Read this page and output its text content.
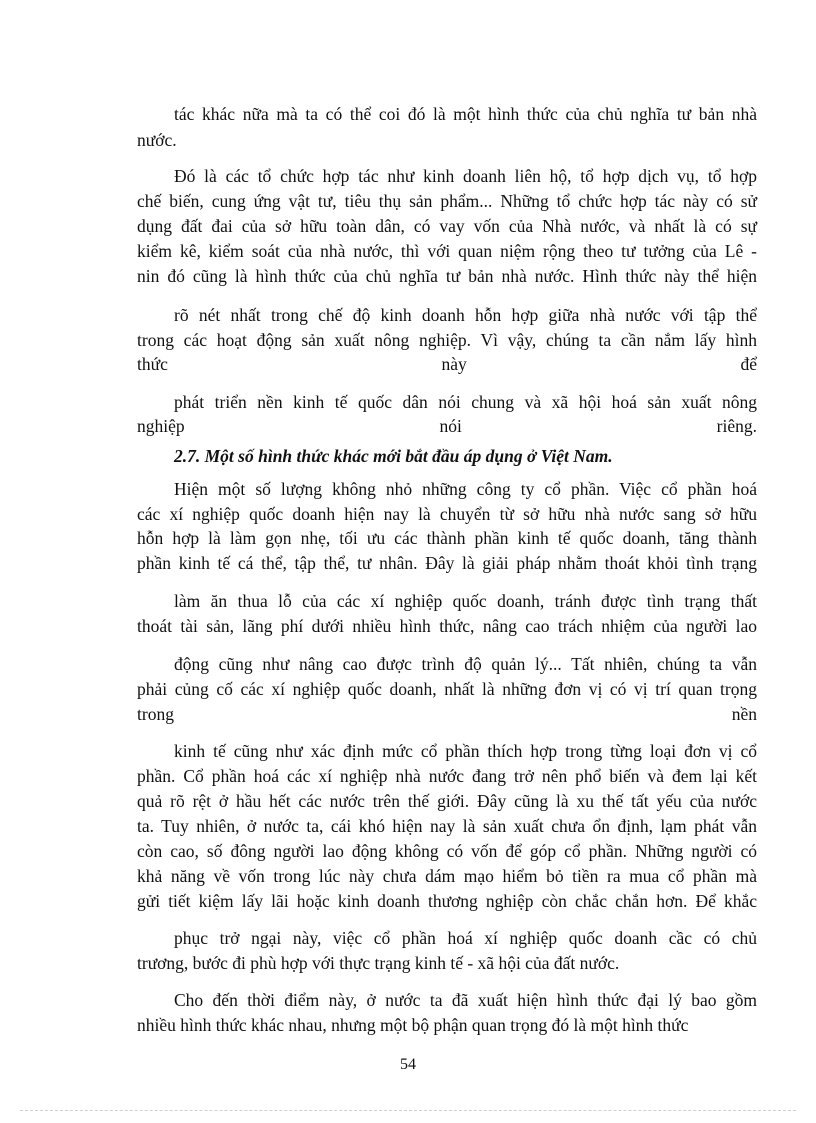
tác khác nữa mà ta có thể coi đó là một hình thức của chủ nghĩa tư bản nhà
nước.
Đó là các tổ chức hợp tác như kinh doanh liên hộ, tổ hợp dịch vụ, tổ hợp
chế biến, cung ứng vật tư, tiêu thụ sản phẩm... Những tổ chức hợp tác này có sử
dụng đất đai của sở hữu toàn dân, có vay vốn của Nhà nước, và nhất là có sự
kiểm kê, kiểm soát của nhà nước, thì với quan niệm rộng theo tư tưởng của Lê -
nin đó cũng là hình thức của chủ nghĩa tư bản nhà nước. Hình thức này thể hiện
rõ nét nhất trong chế độ kinh doanh hỗn hợp giữa nhà nước với tập thể
trong các hoạt động sản xuất nông nghiệp. Vì vậy, chúng ta cần nắm lấy hình
thức này để
phát triển nền kinh tế quốc dân nói chung và xã hội hoá sản xuất nông
nghiệp nói riêng.
2.7. Một số hình thức khác mới bắt đầu áp dụng ở Việt Nam.
Hiện một số lượng không nhỏ những công ty cổ phần. Việc cổ phần hoá
các xí nghiệp quốc doanh hiện nay là chuyển từ sở hữu nhà nước sang sở hữu
hỗn hợp là làm gọn nhẹ, tối ưu các thành phần kinh tế quốc doanh, tăng thành
phần kinh tế cá thể, tập thể, tư nhân. Đây là giải pháp nhằm thoát khỏi tình trạng
làm ăn thua lỗ của các xí nghiệp quốc doanh, tránh được tình trạng thất
thoát tài sản, lãng phí dưới nhiều hình thức, nâng cao trách nhiệm của người lao
động cũng như nâng cao được trình độ quản lý... Tất nhiên, chúng ta vẫn
phải củng cố các xí nghiệp quốc doanh, nhất là những đơn vị có vị trí quan trọng
trong nền
kinh tế cũng như xác định mức cổ phần thích hợp trong từng loại đơn vị cổ
phần. Cổ phần hoá các xí nghiệp nhà nước đang trở nên phổ biến và đem lại kết
quả rõ rệt ở hầu hết các nước trên thế giới. Đây cũng là xu thế tất yếu của nước
ta. Tuy nhiên, ở nước ta, cái khó hiện nay là sản xuất chưa ổn định, lạm phát vẫn
còn cao, số đông người lao động không có vốn để góp cổ phần. Những người có
khả năng về vốn trong lúc này chưa dám mạo hiểm bỏ tiền ra mua cổ phần mà
gửi tiết kiệm lấy lãi hoặc kinh doanh thương nghiệp còn chắc chắn hơn. Để khắc
phục trở ngại này, việc cổ phần hoá xí nghiệp quốc doanh cầc có chủ
trương, bước đi phù hợp với thực trạng kinh tế - xã hội của đất nước.
Cho đến thời điểm này, ở nước ta đã xuất hiện hình thức đại lý bao gồm
nhiều hình thức khác nhau, nhưng một bộ phận quan trọng đó là một hình thức
54
